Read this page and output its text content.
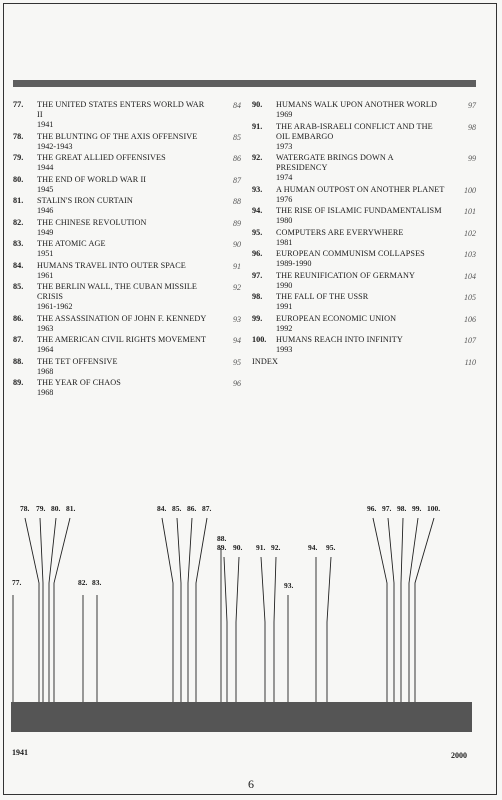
77.	THE UNITED STATES ENTERS WORLD WAR II
1941
84
78.	THE BLUNTING OF THE AXIS OFFENSIVE
1942-1943
85
79.	THE GREAT ALLIED OFFENSIVES
1944
86
80.	THE END OF WORLD WAR II
1945
87
81.	STALIN'S IRON CURTAIN
1946
88
82.	THE CHINESE REVOLUTION
1949
89
83.	THE ATOMIC AGE
1951
90
84.	HUMANS TRAVEL INTO OUTER SPACE
1961
91
85.	THE BERLIN WALL, THE CUBAN MISSILE CRISIS
1961-1962
92
86.	THE ASSASSINATION OF JOHN F. KENNEDY
1963
93
87.	THE AMERICAN CIVIL RIGHTS MOVEMENT
1964
94
88.	THE TET OFFENSIVE
1968
95
89.	THE YEAR OF CHAOS
1968
96
90.	HUMANS WALK UPON ANOTHER WORLD
1969
97
91.	THE ARAB-ISRAELI CONFLICT AND THE OIL EMBARGO
1973
98
92.	WATERGATE BRINGS DOWN A PRESIDENCY
1974
99
93.	A HUMAN OUTPOST ON ANOTHER PLANET
1976
100
94.	THE RISE OF ISLAMIC FUNDAMENTALISM
1980
101
95.	COMPUTERS ARE EVERYWHERE
1981
102
96.	EUROPEAN COMMUNISM COLLAPSES
1989-1990
103
97.	THE REUNIFICATION OF GERMANY
1990
104
98.	THE FALL OF THE USSR
1991
105
99.	EUROPEAN ECONOMIC UNION
1992
106
100.	HUMANS REACH INTO INFINITY
1993
107
INDEX	110
77.
78. 79. 80. 81.
82. 83.
84. 85. 86. 87.
88.
89. 90. 91. 92.
93.
94. 95.
96. 97. 98. 99. 100.
1941	2000
6
